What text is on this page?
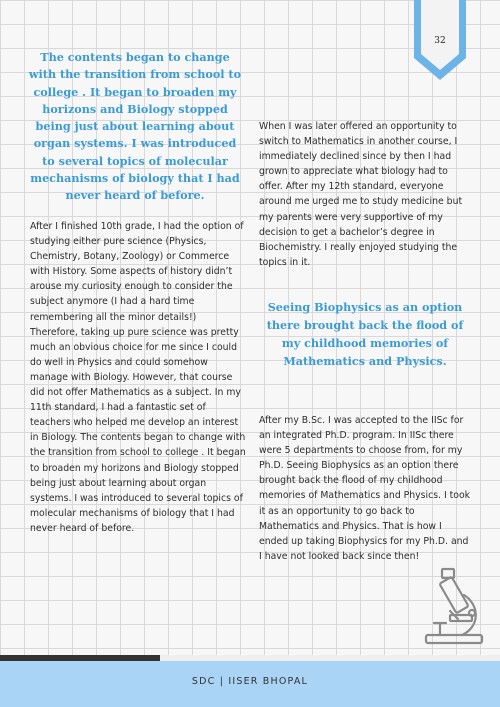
32
The contents began to change with the transition from school to college . It began to broaden my horizons and Biology stopped being just about learning about organ systems. I was introduced to several topics of molecular mechanisms of biology that I had never heard of before.

After I finished 10th grade, I had the option of studying either pure science (Physics, Chemistry, Botany, Zoology) or Commerce with History. Some aspects of history didn’t arouse my curiosity enough to consider the subject anymore (I had a hard time remembering all the minor details!) Therefore, taking up pure science was pretty much an obvious choice for me since I could do well in Physics and could somehow manage with Biology. However, that course did not offer Mathematics as a subject. In my 11th standard, I had a fantastic set of teachers who helped me develop an interest in Biology. The contents began to change with the transition from school to college . It began to broaden my horizons and Biology stopped being just about learning about organ systems. I was introduced to several topics of molecular mechanisms of biology that I had never heard of before.

When I was later offered an opportunity to switch to Mathematics in another course, I immediately declined since by then I had grown to appreciate what biology had to offer. After my 12th standard, everyone around me urged me to study medicine but my parents were very supportive of my decision to get a bachelor’s degree in Biochemistry. I really enjoyed studying the topics in it.

Seeing Biophysics as an option there brought back the flood of my childhood memories of Mathematics and Physics.

After my B.Sc. I was accepted to the IISc for an integrated Ph.D. program. In IISc there were 5 departments to choose from, for my Ph.D. Seeing Biophysics as an option there brought back the flood of my childhood memories of Mathematics and Physics. I took it as an opportunity to go back to Mathematics and Physics. That is how I ended up taking Biophysics for my Ph.D. and I have not looked back since then!

SDC | IISER BHOPAL
